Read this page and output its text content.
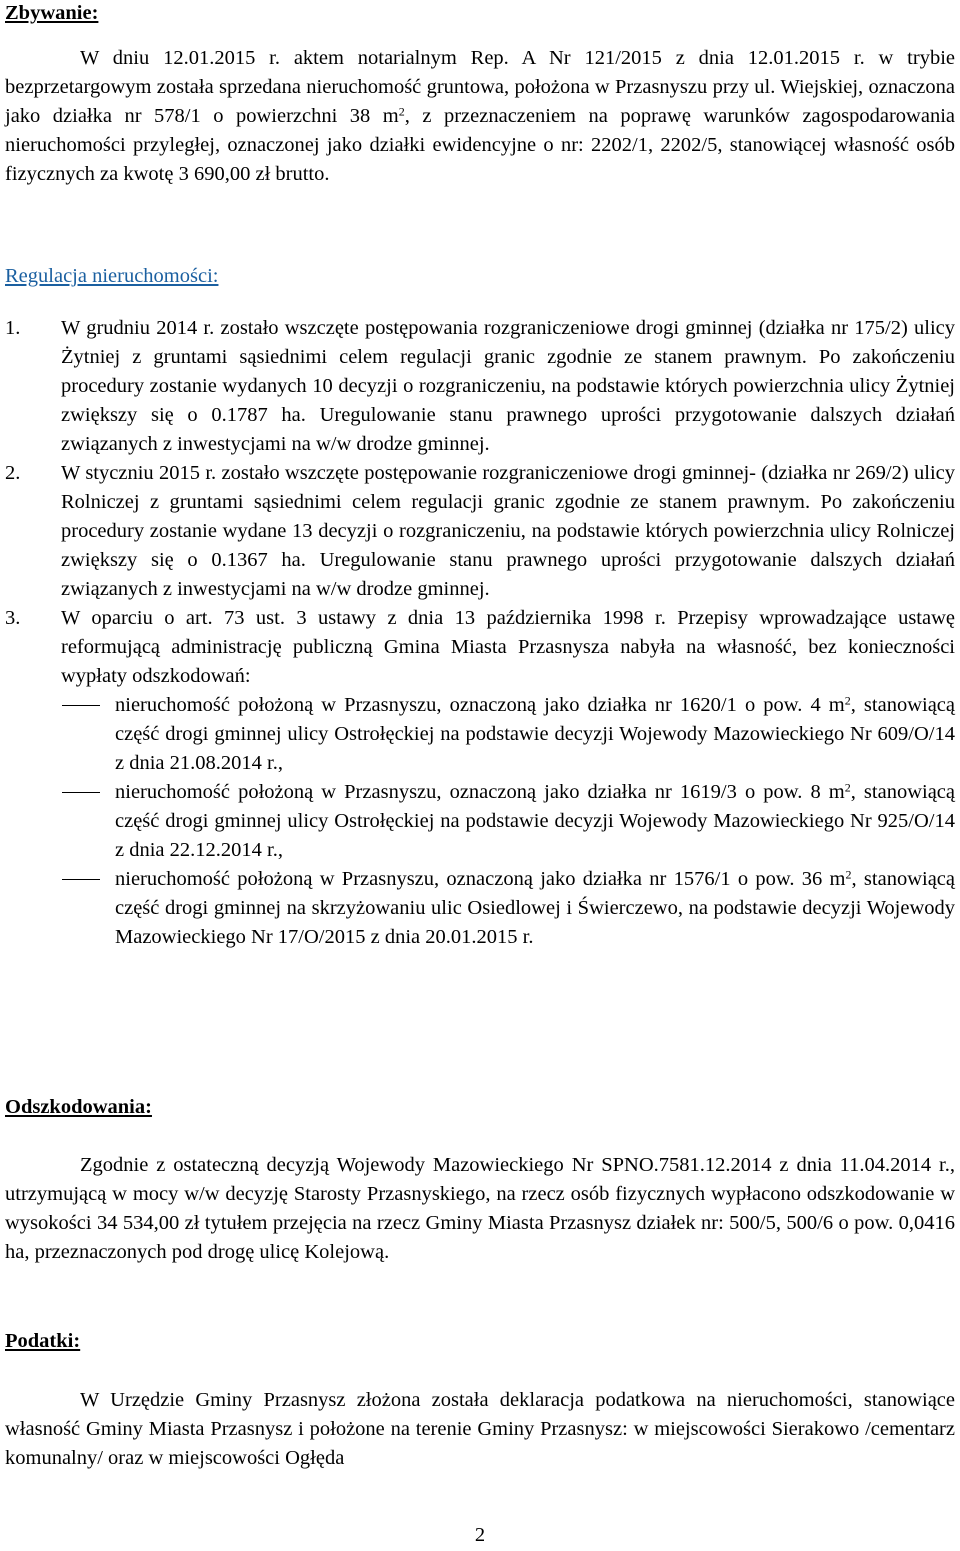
Zbywanie:
W dniu 12.01.2015 r. aktem notarialnym Rep. A Nr 121/2015 z dnia 12.01.2015 r. w trybie bezprzetargowym została sprzedana nieruchomość gruntowa, położona w Przasnyszu przy ul. Wiejskiej, oznaczona jako działka nr 578/1 o powierzchni 38 $m^2$, z przeznaczeniem na poprawę warunków zagospodarowania nieruchomości przyległej, oznaczonej jako działki ewidencyjne o nr: 2202/1, 2202/5, stanowiącej własność osób fizycznych za kwotę 3 690,00 zł brutto.
Regulacja nieruchomości:
1. W grudniu 2014 r. zostało wszczęte postępowania rozgraniczeniowe drogi gminnej (działka nr 175/2) ulicy Żytniej z gruntami sąsiednimi celem regulacji granic zgodnie ze stanem prawnym. Po zakończeniu procedury zostanie wydanych 10 decyzji o rozgraniczeniu, na podstawie których powierzchnia ulicy Żytniej zwiększy się o 0.1787 ha. Uregulowanie stanu prawnego uprości przygotowanie dalszych działań związanych z inwestycjami na w/w drodze gminnej.
2. W styczniu 2015 r. zostało wszczęte postępowanie rozgraniczeniowe drogi gminnej- (działka nr 269/2) ulicy Rolniczej z gruntami sąsiednimi celem regulacji granic zgodnie ze stanem prawnym. Po zakończeniu procedury zostanie wydane 13 decyzji o rozgraniczeniu, na podstawie których powierzchnia ulicy Rolniczej zwiększy się o 0.1367 ha. Uregulowanie stanu prawnego uprości przygotowanie dalszych działań związanych z inwestycjami na w/w drodze gminnej.
3. W oparciu o art. 73 ust. 3 ustawy z dnia 13 października 1998 r. Przepisy wprowadzające ustawę reformującą administrację publiczną Gmina Miasta Przasnysza nabyła na własność, bez konieczności wypłaty odszkodowań:
nieruchomość położoną w Przasnyszu, oznaczoną jako działka nr 1620/1 o pow. 4 $m^2$, stanowiącą część drogi gminnej ulicy Ostrołęckiej na podstawie decyzji Wojewody Mazowieckiego Nr 609/O/14 z dnia 21.08.2014 r.,
nieruchomość położoną w Przasnyszu, oznaczoną jako działka nr 1619/3 o pow. 8 $m^2$, stanowiącą część drogi gminnej ulicy Ostrołęckiej na podstawie decyzji Wojewody Mazowieckiego Nr 925/O/14 z dnia 22.12.2014 r.,
nieruchomość położoną w Przasnyszu, oznaczoną jako działka nr 1576/1 o pow. 36 $m^2$, stanowiącą część drogi gminnej na skrzyżowaniu ulic Osiedlowej i Świerczewo, na podstawie decyzji Wojewody Mazowieckiego Nr 17/O/2015 z dnia 20.01.2015 r.
Odszkodowania:
Zgodnie z ostateczną decyzją Wojewody Mazowieckiego Nr SPNO.7581.12.2014 z dnia 11.04.2014 r., utrzymującą w mocy w/w decyzję Starosty Przasnyskiego, na rzecz osób fizycznych wypłacono odszkodowanie w wysokości 34 534,00 zł tytułem przejęcia na rzecz Gminy Miasta Przasnysz działek nr: 500/5, 500/6 o pow. 0,0416 ha, przeznaczonych pod drogę ulicę Kolejową.
Podatki:
W Urzędzie Gminy Przasnysz złożona została deklaracja podatkowa na nieruchomości, stanowiące własność Gminy Miasta Przasnysz i położone na terenie Gminy Przasnysz: w miejscowości Sierakowo /cementarz komunalny/ oraz w miejscowości Ogłęda
2
